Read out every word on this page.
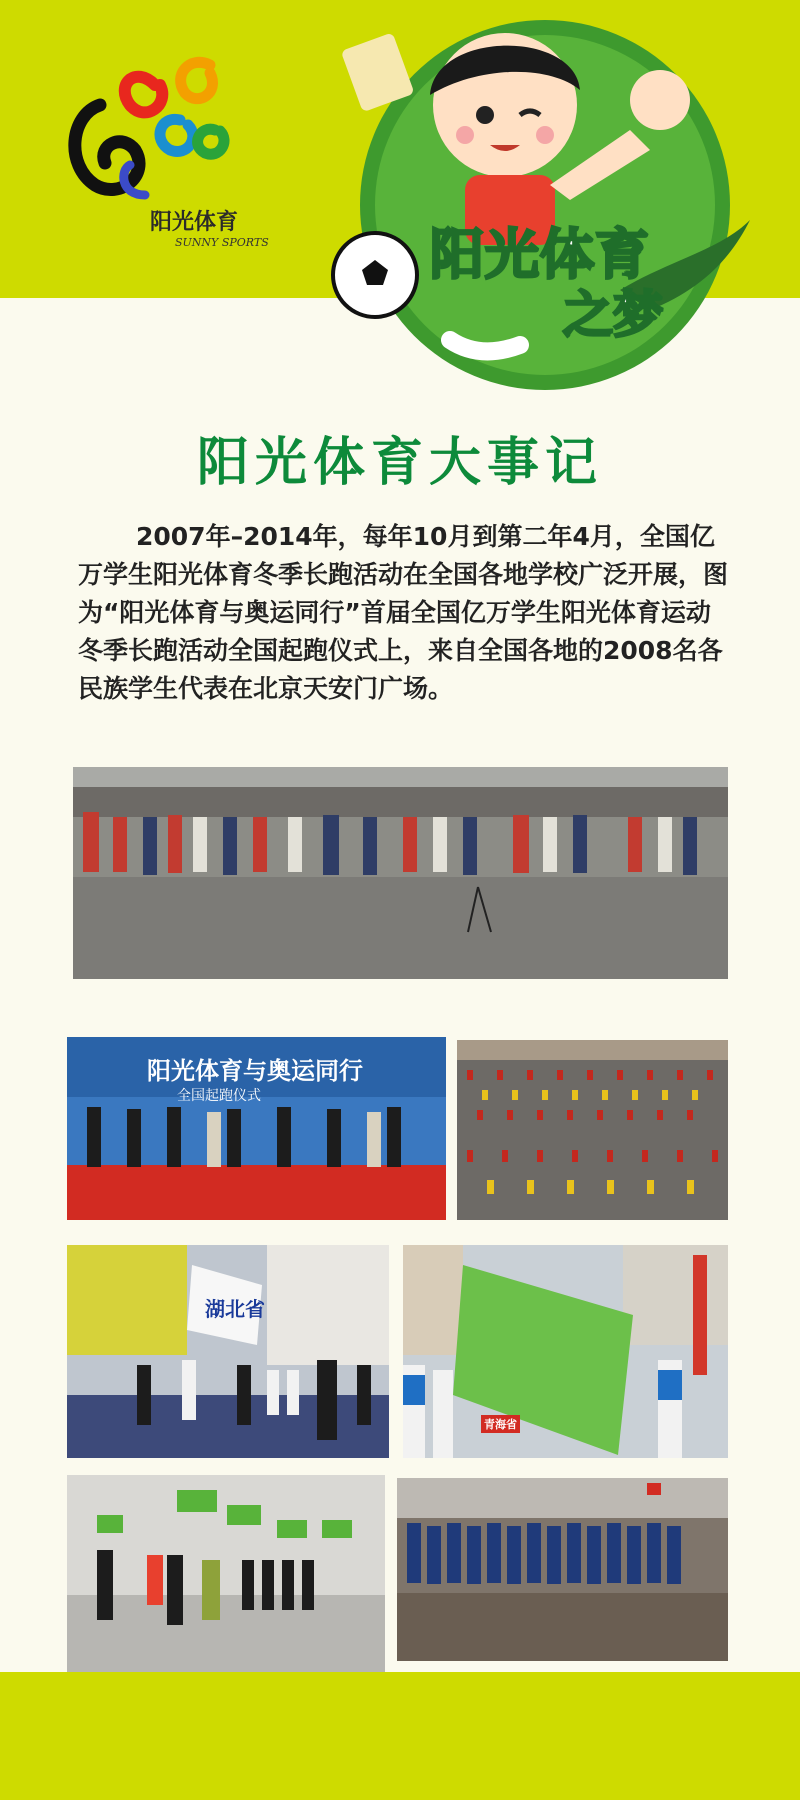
阳光体育
SUNNY SPORTS	阳光体育
之梦
阳光体育大事记
2007年–2014年，每年10月到第二年4月，全国亿万学生阳光体育冬季长跑活动在全国各地学校广泛开展，图为“阳光体育与奥运同行”首届全国亿万学生阳光体育运动冬季长跑活动全国起跑仪式上，来自全国各地的2008名各民族学生代表在北京天安门广场。
阳光体育与奥运同行
全国起跑仪式
湖北省
青海省
